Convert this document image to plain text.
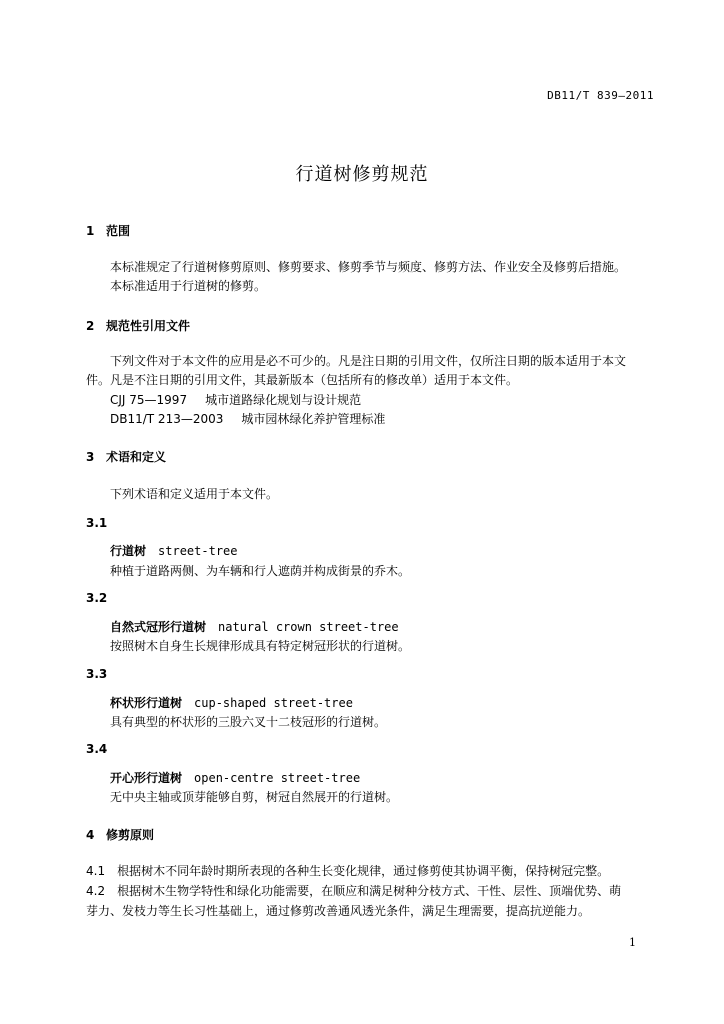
DB11/T 839—2011
行道树修剪规范
1 范围
本标准规定了行道树修剪原则、修剪要求、修剪季节与频度、修剪方法、作业安全及修剪后措施。
本标准适用于行道树的修剪。
2 规范性引用文件
下列文件对于本文件的应用是必不可少的。凡是注日期的引用文件，仅所注日期的版本适用于本文
件。凡是不注日期的引用文件，其最新版本（包括所有的修改单）适用于本文件。
CJJ 75—1997 城市道路绿化规划与设计规范
DB11/T 213—2003 城市园林绿化养护管理标准
3 术语和定义
下列术语和定义适用于本文件。
3.1
行道树 street-tree
种植于道路两侧、为车辆和行人遮荫并构成街景的乔木。
3.2
自然式冠形行道树 natural crown street-tree
按照树木自身生长规律形成具有特定树冠形状的行道树。
3.3
杯状形行道树 cup-shaped street-tree
具有典型的杯状形的三股六叉十二枝冠形的行道树。
3.4
开心形行道树 open-centre street-tree
无中央主轴或顶芽能够自剪，树冠自然展开的行道树。
4 修剪原则
4.1　根据树木不同年龄时期所表现的各种生长变化规律，通过修剪使其协调平衡，保持树冠完整。
4.2　根据树木生物学特性和绿化功能需要，在顺应和满足树种分枝方式、干性、层性、顶端优势、萌
芽力、发枝力等生长习性基础上，通过修剪改善通风透光条件，满足生理需要，提高抗逆能力。
1
